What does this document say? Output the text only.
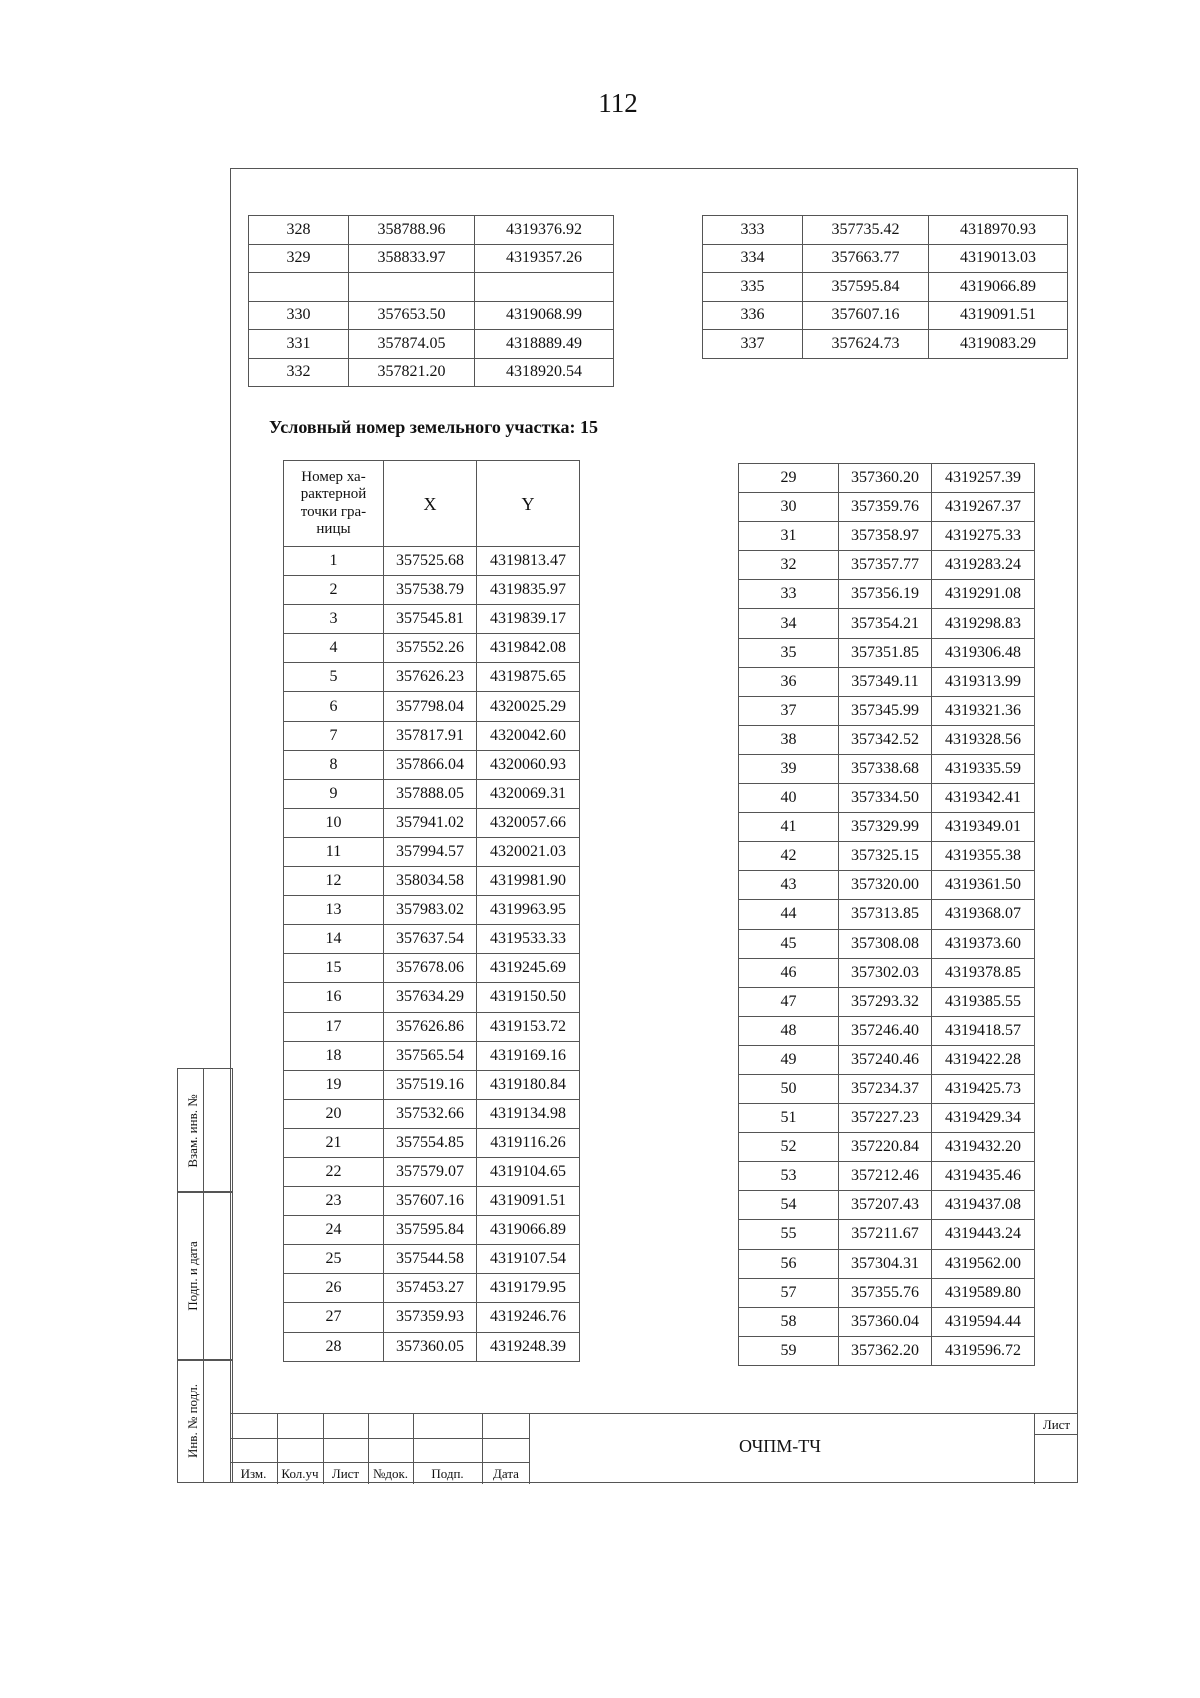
112
328	358788.96	4319376.92
329	358833.97	4319357.26

330	357653.50	4319068.99
331	357874.05	4318889.49
332	357821.20	4318920.54
333	357735.42	4318970.93
334	357663.77	4319013.03
335	357595.84	4319066.89
336	357607.16	4319091.51
337	357624.73	4319083.29
Условный номер земельного участка: 15
Номер ха-
рактерной
точки гра-
ницы	X	Y
1	357525.68	4319813.47
2	357538.79	4319835.97
3	357545.81	4319839.17
4	357552.26	4319842.08
5	357626.23	4319875.65
6	357798.04	4320025.29
7	357817.91	4320042.60
8	357866.04	4320060.93
9	357888.05	4320069.31
10	357941.02	4320057.66
11	357994.57	4320021.03
12	358034.58	4319981.90
13	357983.02	4319963.95
14	357637.54	4319533.33
15	357678.06	4319245.69
16	357634.29	4319150.50
17	357626.86	4319153.72
18	357565.54	4319169.16
19	357519.16	4319180.84
20	357532.66	4319134.98
21	357554.85	4319116.26
22	357579.07	4319104.65
23	357607.16	4319091.51
24	357595.84	4319066.89
25	357544.58	4319107.54
26	357453.27	4319179.95
27	357359.93	4319246.76
28	357360.05	4319248.39
29	357360.20	4319257.39
30	357359.76	4319267.37
31	357358.97	4319275.33
32	357357.77	4319283.24
33	357356.19	4319291.08
34	357354.21	4319298.83
35	357351.85	4319306.48
36	357349.11	4319313.99
37	357345.99	4319321.36
38	357342.52	4319328.56
39	357338.68	4319335.59
40	357334.50	4319342.41
41	357329.99	4319349.01
42	357325.15	4319355.38
43	357320.00	4319361.50
44	357313.85	4319368.07
45	357308.08	4319373.60
46	357302.03	4319378.85
47	357293.32	4319385.55
48	357246.40	4319418.57
49	357240.46	4319422.28
50	357234.37	4319425.73
51	357227.23	4319429.34
52	357220.84	4319432.20
53	357212.46	4319435.46
54	357207.43	4319437.08
55	357211.67	4319443.24
56	357304.31	4319562.00
57	357355.76	4319589.80
58	357360.04	4319594.44
59	357362.20	4319596.72
Взам. инв. №
Подп. и дата
Инв. № подл.
Изм.	Кол.уч	Лист	№док.	Подп.	Дата
ОЧПМ-ТЧ
Лист
